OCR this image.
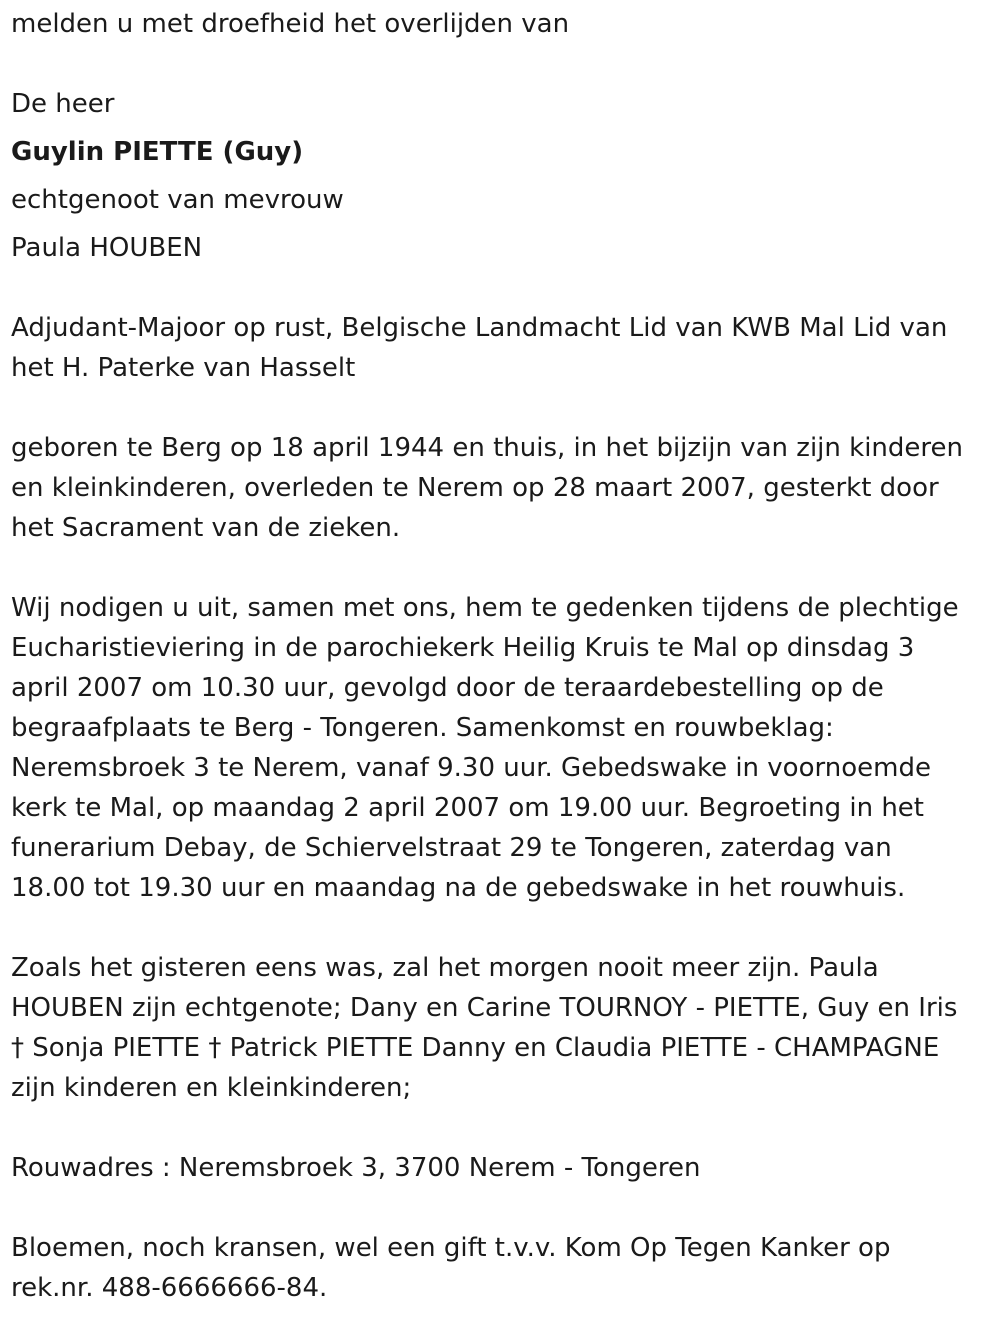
melden u met droefheid het overlijden van
De heer
Guylin PIETTE (Guy)
echtgenoot van mevrouw
Paula HOUBEN
Adjudant-Majoor op rust, Belgische Landmacht Lid van KWB Mal Lid van
het H. Paterke van Hasselt
geboren te Berg op 18 april 1944 en thuis, in het bijzijn van zijn kinderen
en kleinkinderen, overleden te Nerem op 28 maart 2007, gesterkt door
het Sacrament van de zieken.
Wij nodigen u uit, samen met ons, hem te gedenken tijdens de plechtige
Eucharistieviering in de parochiekerk Heilig Kruis te Mal op dinsdag 3
april 2007 om 10.30 uur, gevolgd door de teraardebestelling op de
begraafplaats te Berg - Tongeren. Samenkomst en rouwbeklag:
Neremsbroek 3 te Nerem, vanaf 9.30 uur. Gebedswake in voornoemde
kerk te Mal, op maandag 2 april 2007 om 19.00 uur. Begroeting in het
funerarium Debay, de Schiervelstraat 29 te Tongeren, zaterdag van
18.00 tot 19.30 uur en maandag na de gebedswake in het rouwhuis.
Zoals het gisteren eens was, zal het morgen nooit meer zijn. Paula
HOUBEN zijn echtgenote; Dany en Carine TOURNOY - PIETTE, Guy en Iris
† Sonja PIETTE † Patrick PIETTE Danny en Claudia PIETTE - CHAMPAGNE
zijn kinderen en kleinkinderen;
Rouwadres : Neremsbroek 3, 3700 Nerem - Tongeren
Bloemen, noch kransen, wel een gift t.v.v. Kom Op Tegen Kanker op
rek.nr. 488-6666666-84.
